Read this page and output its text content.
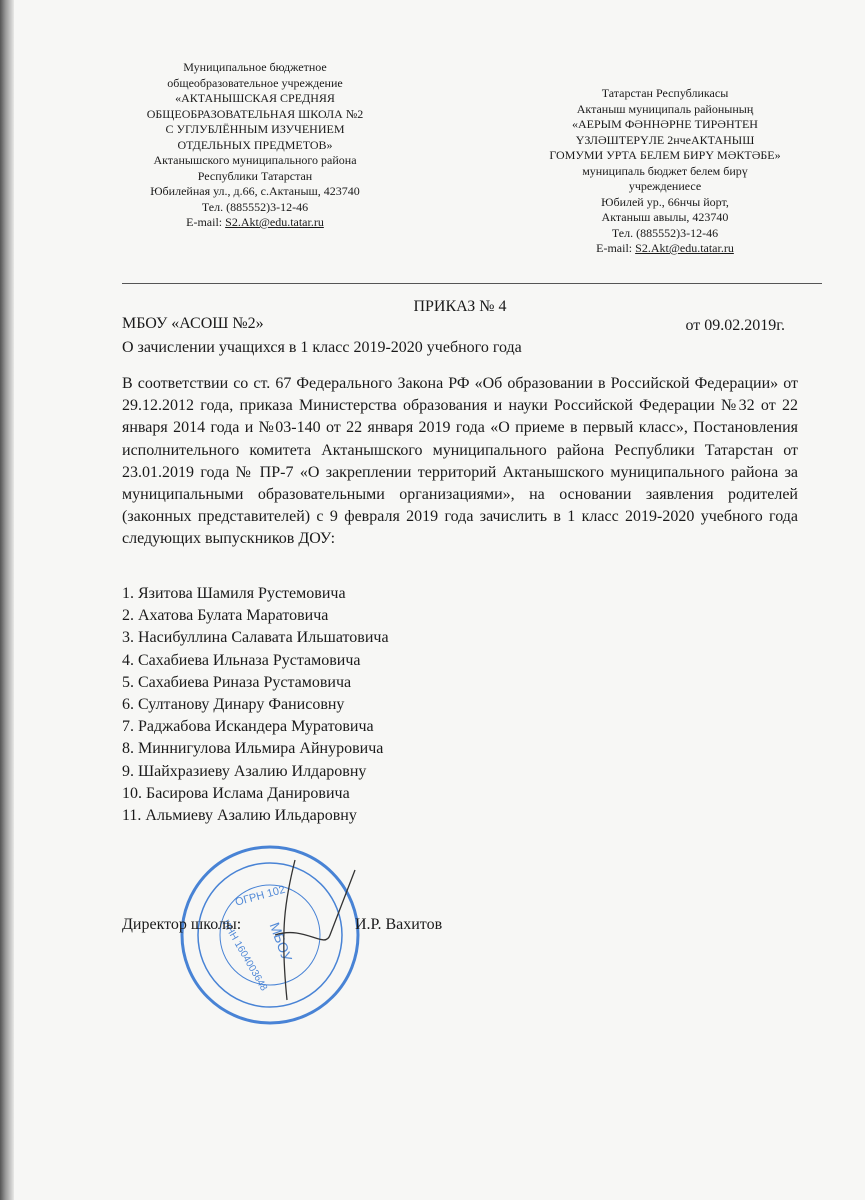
Муниципальное бюджетное
общеобразовательное учреждение
«АКТАНЫШСКАЯ СРЕДНЯЯ
ОБЩЕОБРАЗОВАТЕЛЬНАЯ ШКОЛА №2
С УГЛУБЛЁННЫМ ИЗУЧЕНИЕМ
ОТДЕЛЬНЫХ ПРЕДМЕТОВ»
Актанышского муниципального района
Республики Татарстан
Юбилейная ул., д.66, с.Актаныш, 423740
Тел. (885552)3-12-46
E-mail: S2.Akt@edu.tatar.ru
Татарстан Республикасы
Актаныш муниципаль районының
«АЕРЫМ ФӘННӘРНЕ ТИРӘНТЕН
ҮЗЛӘШТЕРҮЛЕ 2нчеАКТАНЫШ
ГОМУМИ УРТА БЕЛЕМ БИРҮ МӘКТӘБЕ»
муниципаль бюджет белем бирү
учреждениесе
Юбилей ур., 66нчы йорт,
Актаныш авылы, 423740
Тел. (885552)3-12-46
E-mail: S2.Akt@edu.tatar.ru
ПРИКАЗ № 4
МБОУ «АСОШ №2»	от 09.02.2019г.
О зачислении учащихся в 1 класс 2019-2020 учебного года
В соответствии со ст. 67 Федерального Закона РФ «Об образовании в Российской Федерации» от 29.12.2012 года, приказа Министерства образования и науки Российской Федерации №32 от 22 января 2014 года и №03-140 от 22 января 2019 года «О приеме в первый класс», Постановления исполнительного комитета Актанышского муниципального района Республики Татарстан от 23.01.2019 года № ПР-7 «О закреплении территорий Актанышского муниципального района за муниципальными образовательными организациями», на основании заявления родителей (законных представителей) с 9 февраля 2019 года зачислить в 1 класс 2019-2020 учебного года следующих выпускников ДОУ:
1. Язитова Шамиля Рустемовича
2. Ахатова Булата Маратовича
3. Насибуллина Салавата Ильшатовича
4. Сахабиева Ильназа Рустамовича
5. Сахабиева Риназа Рустамовича
6. Султанову Динару Фанисовну
7. Раджабова Искандера Муратовича
8. Миннигулова Ильмира Айнуровича
9. Шайхразиеву Азалию Илдаровну
10. Басирова Ислама Данировича
11. Альмиеву Азалию Ильдаровну
ОГРН 102
МБОУ
ИНН 1604003648
Директор школы:	И.Р. Вахитов
